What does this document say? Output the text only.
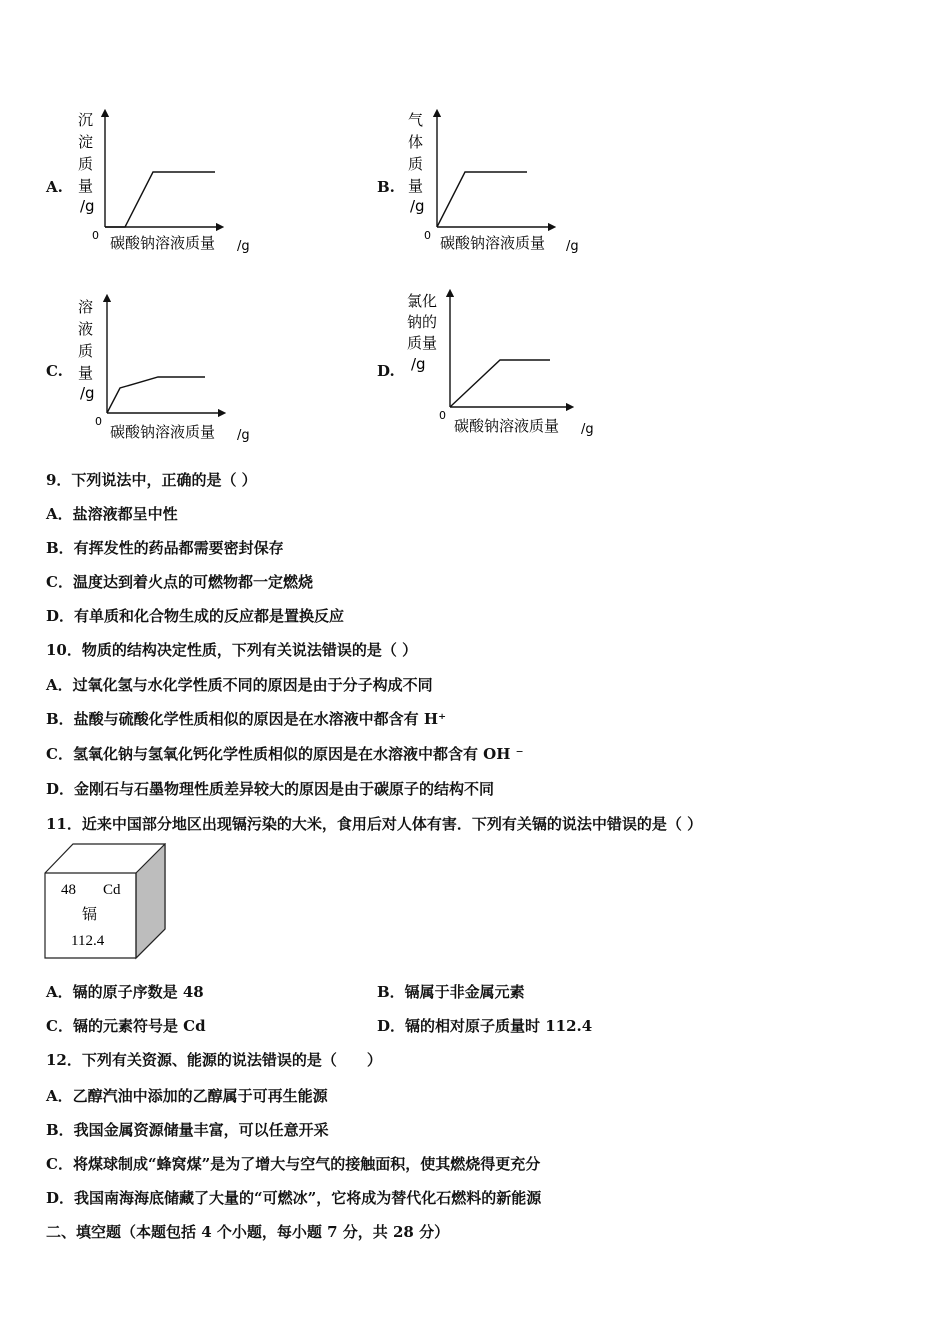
A.
沉
淀
质
量
/g
0 碳酸钠溶液质量 /g
B.
气
体
质
量
/g
0 碳酸钠溶液质量 /g
C.
溶
液
质
量
/g
0
碳酸钠溶液质量 /g
D.
氯化
钠的
质量
/g
0
碳酸钠溶液质量 /g
9．下列说法中，正确的是（ ）
A．盐溶液都呈中性
B．有挥发性的药品都需要密封保存
C．温度达到着火点的可燃物都一定燃烧
D．有单质和化合物生成的反应都是置换反应
10．物质的结构决定性质，下列有关说法错误的是（ ）
A．过氧化氢与水化学性质不同的原因是由于分子构成不同
B．盐酸与硫酸化学性质相似的原因是在水溶液中都含有 H⁺
C．氢氧化钠与氢氧化钙化学性质相似的原因是在水溶液中都含有 OH ⁻
D．金刚石与石墨物理性质差异较大的原因是由于碳原子的结构不同
11．近来中国部分地区出现镉污染的大米，食用后对人体有害．下列有关镉的说法中错误的是（ ）
48 Cd
镉
112.4
A．镉的原子序数是 48	B．镉属于非金属元素
C．镉的元素符号是 Cd	D．镉的相对原子质量时 112.4
12．下列有关资源、能源的说法错误的是（　　）
A．乙醇汽油中添加的乙醇属于可再生能源
B．我国金属资源储量丰富，可以任意开采
C．将煤球制成“蜂窝煤”是为了增大与空气的接触面积，使其燃烧得更充分
D．我国南海海底储藏了大量的“可燃冰”，它将成为替代化石燃料的新能源
二、填空题（本题包括 4 个小题，每小题 7 分，共 28 分）
